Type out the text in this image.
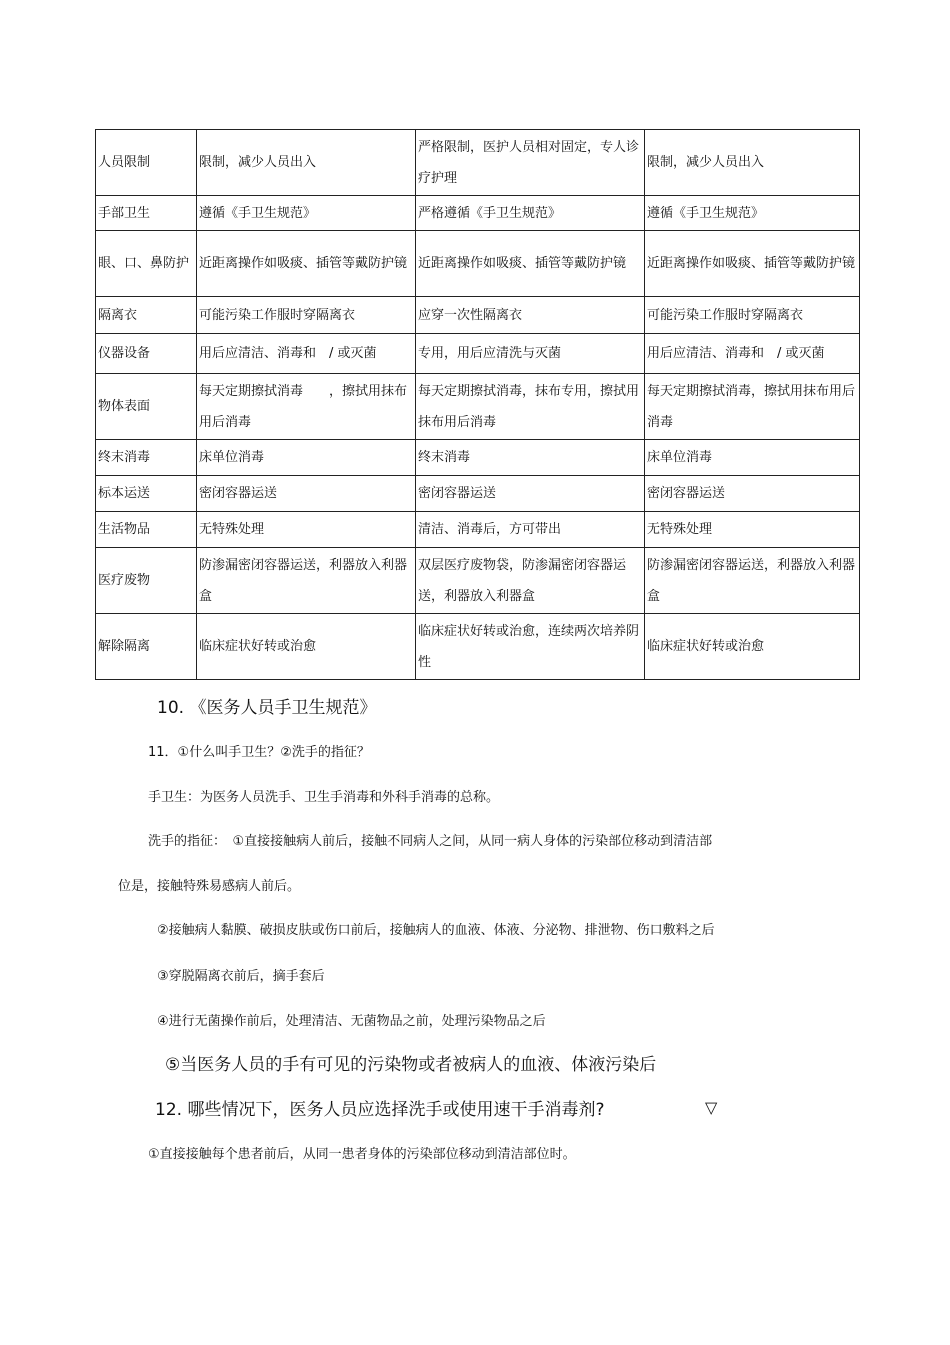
人员限制	限制，减少人员出入	严格限制，医护人员相对固定，专人诊疗护理	限制，减少人员出入
手部卫生	遵循《手卫生规范》	严格遵循《手卫生规范》	遵循《手卫生规范》
眼、口、鼻防护	近距离操作如吸痰、插管等戴防护镜	近距离操作如吸痰、插管等戴防护镜	近距离操作如吸痰、插管等戴防护镜
隔离衣	可能污染工作服时穿隔离衣	应穿一次性隔离衣	可能污染工作服时穿隔离衣
仪器设备	用后应清洁、消毒和　/ 或灭菌	专用，用后应清洗与灭菌	用后应清洁、消毒和　/ 或灭菌
物体表面	每天定期擦拭消毒　　，擦拭用抹布用后消毒	每天定期擦拭消毒，抹布专用，擦拭用抹布用后消毒	每天定期擦拭消毒，擦拭用抹布用后消毒
终末消毒	床单位消毒	终末消毒	床单位消毒
标本运送	密闭容器运送	密闭容器运送	密闭容器运送
生活物品	无特殊处理	清洁、消毒后，方可带出	无特殊处理
医疗废物	防渗漏密闭容器运送，利器放入利器盒	双层医疗废物袋，防渗漏密闭容器运送，利器放入利器盒	防渗漏密闭容器运送，利器放入利器盒
解除隔离	临床症状好转或治愈	临床症状好转或治愈，连续两次培养阴性	临床症状好转或治愈
10. 《医务人员手卫生规范》
11．①什么叫手卫生？②洗手的指征？
手卫生：为医务人员洗手、卫生手消毒和外科手消毒的总称。
洗手的指征：　①直接接触病人前后，接触不同病人之间，从同一病人身体的污染部位移动到清洁部
位是，接触特殊易感病人前后。
②接触病人黏膜、破损皮肤或伤口前后，接触病人的血液、体液、分泌物、排泄物、伤口敷料之后
③穿脱隔离衣前后，摘手套后
④进行无菌操作前后，处理清洁、无菌物品之前，处理污染物品之后
⑤当医务人员的手有可见的污染物或者被病人的血液、体液污染后
12. 哪些情况下，医务人员应选择洗手或使用速干手消毒剂?	▽
①直接接触每个患者前后，从同一患者身体的污染部位移动到清洁部位时。
